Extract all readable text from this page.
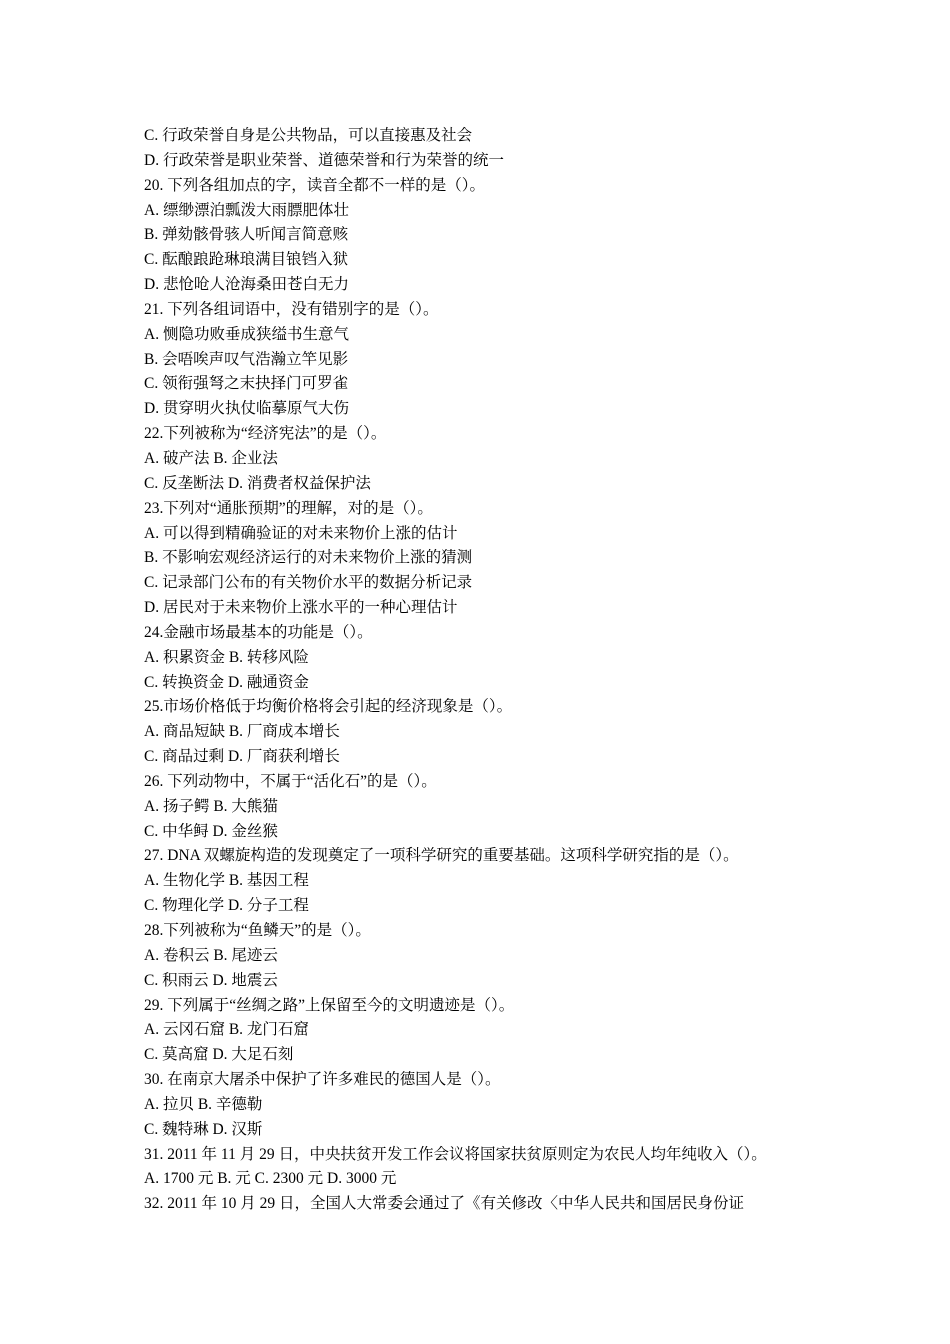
C. 行政荣誉自身是公共物品，可以直接惠及社会
D. 行政荣誉是职业荣誉、道德荣誉和行为荣誉的统一
20. 下列各组加点的字，读音全都不一样的是（）。
A. 缥缈漂泊瓢泼大雨膘肥体壮
B. 弹劾骸骨骇人听闻言简意赅
C. 酝酿踉跄琳琅满目锒铛入狱
D. 悲怆呛人沧海桑田苍白无力
21. 下列各组词语中，没有错别字的是（）。
A. 恻隐功败垂成狭缢书生意气
B. 会唔唉声叹气浩瀚立竿见影
C. 领衔强弩之末抉择门可罗雀
D. 贯穿明火执仗临摹原气大伤
22.下列被称为“经济宪法”的是（）。
A. 破产法 B. 企业法
C. 反垄断法 D. 消费者权益保护法
23.下列对“通胀预期”的理解，对的是（）。
A. 可以得到精确验证的对未来物价上涨的估计
B. 不影响宏观经济运行的对未来物价上涨的猜测
C. 记录部门公布的有关物价水平的数据分析记录
D. 居民对于未来物价上涨水平的一种心理估计
24.金融市场最基本的功能是（）。
A. 积累资金 B. 转移风险
C. 转换资金 D. 融通资金
25.市场价格低于均衡价格将会引起的经济现象是（）。
A. 商品短缺 B. 厂商成本增长
C. 商品过剩 D. 厂商获利增长
26. 下列动物中，不属于“活化石”的是（）。
A. 扬子鳄 B. 大熊猫
C. 中华鲟 D. 金丝猴
27. DNA 双螺旋构造的发现奠定了一项科学研究的重要基础。这项科学研究指的是（）。
A. 生物化学 B. 基因工程
C. 物理化学 D. 分子工程
28.下列被称为“鱼鳞天”的是（）。
A. 卷积云 B. 尾迹云
C. 积雨云 D. 地震云
29. 下列属于“丝绸之路”上保留至今的文明遗迹是（）。
A. 云冈石窟 B. 龙门石窟
C. 莫高窟 D. 大足石刻
30. 在南京大屠杀中保护了许多难民的德国人是（）。
A. 拉贝 B. 辛德勒
C. 魏特琳 D. 汉斯
31. 2011 年 11 月 29 日，中央扶贫开发工作会议将国家扶贫原则定为农民人均年纯收入（）。
A. 1700 元 B. 元 C. 2300 元 D. 3000 元
32. 2011 年 10 月 29 日，全国人大常委会通过了《有关修改〈中华人民共和国居民身份证
